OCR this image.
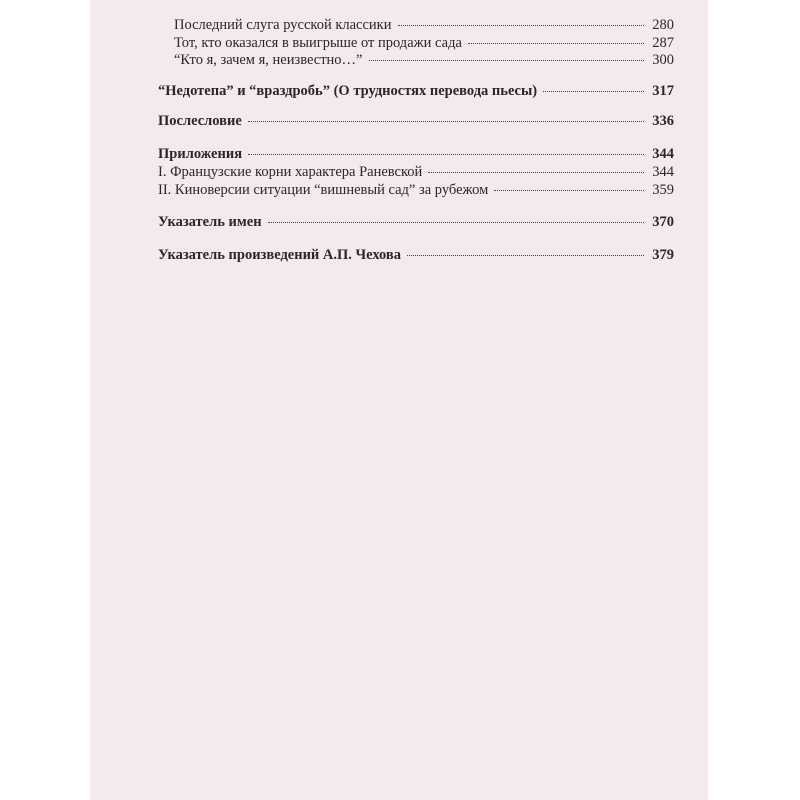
Последний слуга русской классики	280
Тот, кто оказался в выигрыше от продажи сада	287
“Кто я, зачем я, неизвестно…”	300
“Недотепа” и “враздробь” (О трудностях перевода пьесы)	317
Послесловие	336
Приложения	344
I. Французские корни характера Раневской	344
II. Киноверсии ситуации “вишневый сад” за рубежом	359
Указатель имен	370
Указатель произведений А.П. Чехова	379
